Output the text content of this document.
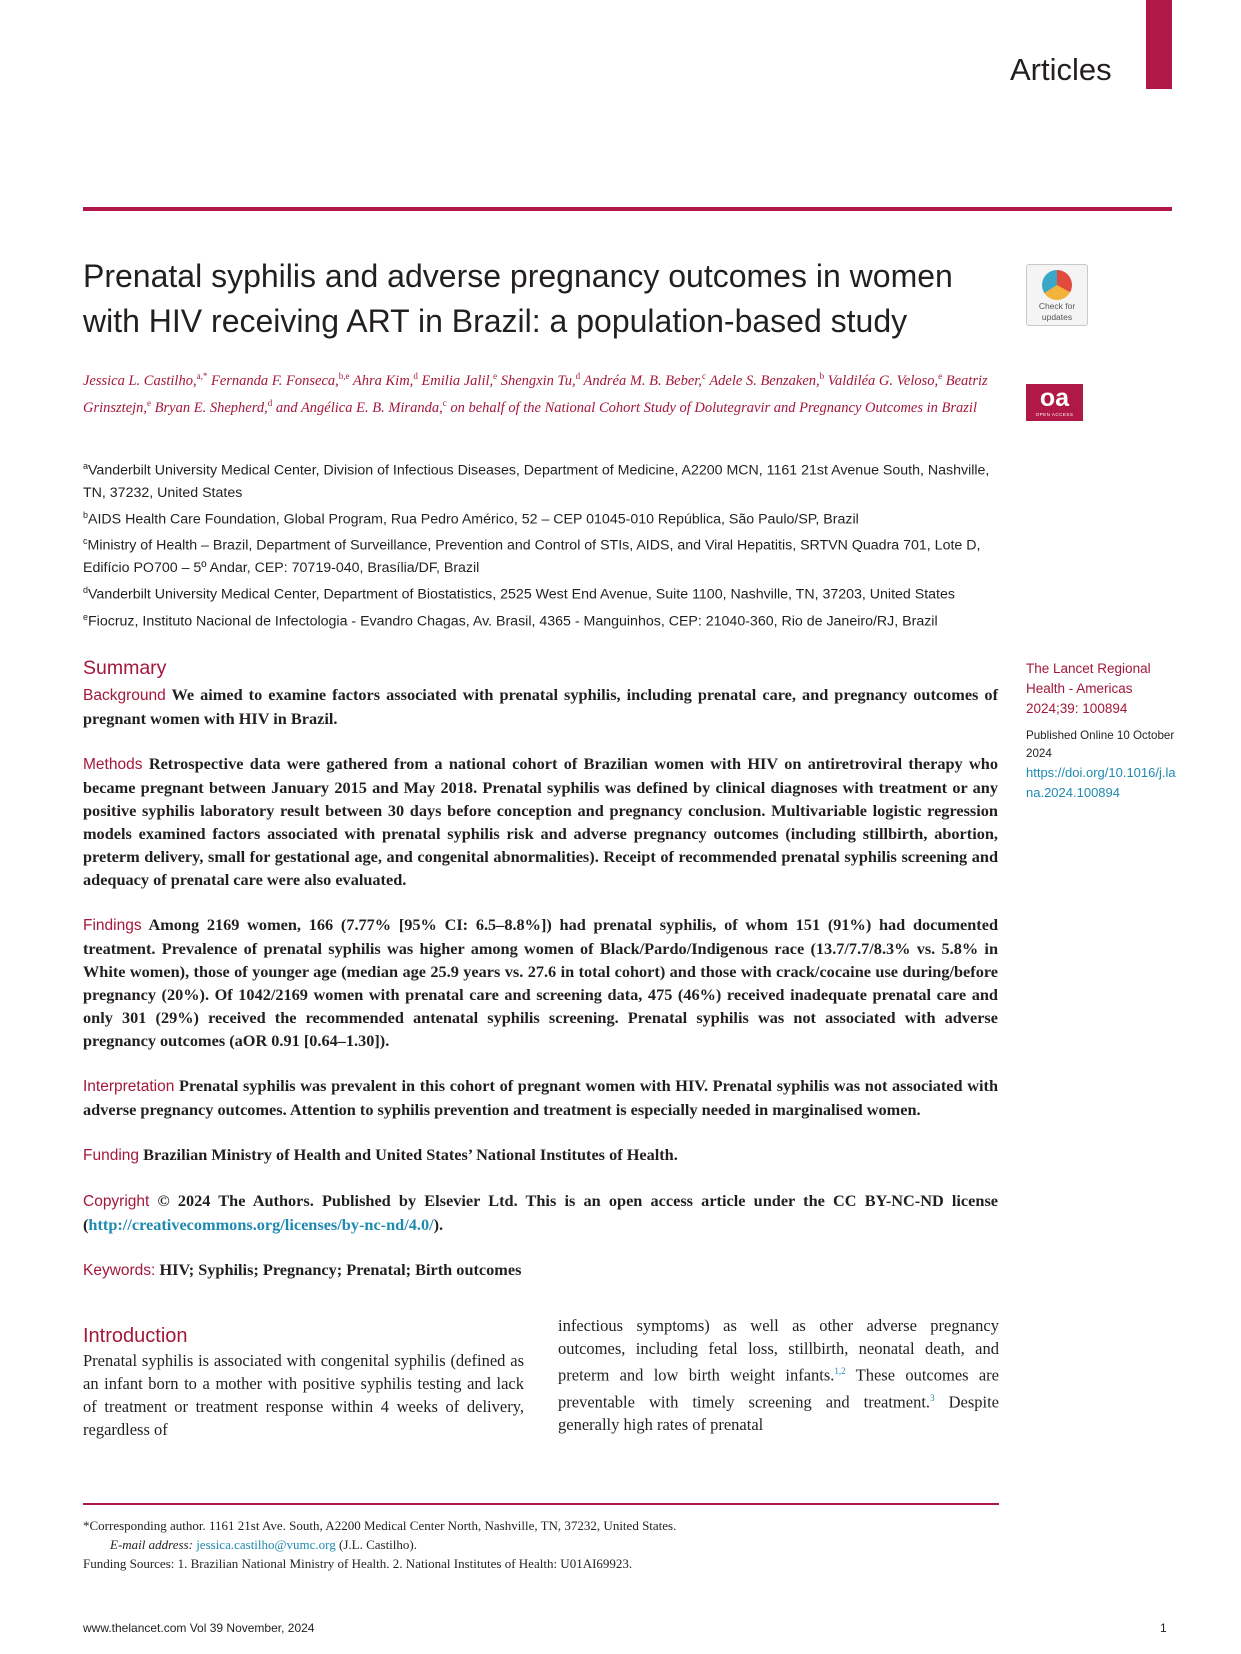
Articles
Prenatal syphilis and adverse pregnancy outcomes in women with HIV receiving ART in Brazil: a population-based study	Check for
updates
oa
OPEN ACCESS
Jessica L. Castilho,$^{a,*}$ Fernanda F. Fonseca,$^{b,e}$ Ahra Kim,$^d$ Emilia Jalil,$^e$ Shengxin Tu,$^d$ Andréa M. B. Beber,$^c$ Adele S. Benzaken,$^b$ Valdiléa G. Veloso,$^e$ Beatriz Grinsztejn,$^e$ Bryan E. Shepherd,$^d$ and Angélica E. B. Miranda,$^c$ on behalf of the National Cohort Study of Dolutegravir and Pregnancy Outcomes in Brazil

$^a$Vanderbilt University Medical Center, Division of Infectious Diseases, Department of Medicine, A2200 MCN, 1161 21st Avenue South, Nashville, TN, 37232, United States

$^b$AIDS Health Care Foundation, Global Program, Rua Pedro Américo, 52 – CEP 01045-010 República, São Paulo/SP, Brazil

$^c$Ministry of Health – Brazil, Department of Surveillance, Prevention and Control of STIs, AIDS, and Viral Hepatitis, SRTVN Quadra 701, Lote D, Edifício PO700 – 5º Andar, CEP: 70719-040, Brasília/DF, Brazil

$^d$Vanderbilt University Medical Center, Department of Biostatistics, 2525 West End Avenue, Suite 1100, Nashville, TN, 37203, United States

$^e$Fiocruz, Instituto Nacional de Infectologia - Evandro Chagas, Av. Brasil, 4365 - Manguinhos, CEP: 21040-360, Rio de Janeiro/RJ, Brazil

The Lancet Regional Health - Americas
2024;39: 100894
Published Online 10 October 2024
https://doi.org/10.1016/j.lana.2024.100894
Summary

Background We aimed to examine factors associated with prenatal syphilis, including prenatal care, and pregnancy outcomes of pregnant women with HIV in Brazil.

Methods Retrospective data were gathered from a national cohort of Brazilian women with HIV on antiretroviral therapy who became pregnant between January 2015 and May 2018. Prenatal syphilis was defined by clinical diagnoses with treatment or any positive syphilis laboratory result between 30 days before conception and pregnancy conclusion. Multivariable logistic regression models examined factors associated with prenatal syphilis risk and adverse pregnancy outcomes (including stillbirth, abortion, preterm delivery, small for gestational age, and congenital abnormalities). Receipt of recommended prenatal syphilis screening and adequacy of prenatal care were also evaluated.

Findings Among 2169 women, 166 (7.77% [95% CI: 6.5–8.8%]) had prenatal syphilis, of whom 151 (91%) had documented treatment. Prevalence of prenatal syphilis was higher among women of Black/Pardo/Indigenous race (13.7/7.7/8.3% vs. 5.8% in White women), those of younger age (median age 25.9 years vs. 27.6 in total cohort) and those with crack/cocaine use during/before pregnancy (20%). Of 1042/2169 women with prenatal care and screening data, 475 (46%) received inadequate prenatal care and only 301 (29%) received the recommended antenatal syphilis screening. Prenatal syphilis was not associated with adverse pregnancy outcomes (aOR 0.91 [0.64–1.30]).

Interpretation Prenatal syphilis was prevalent in this cohort of pregnant women with HIV. Prenatal syphilis was not associated with adverse pregnancy outcomes. Attention to syphilis prevention and treatment is especially needed in marginalised women.

Funding Brazilian Ministry of Health and United States’ National Institutes of Health.

Copyright © 2024 The Authors. Published by Elsevier Ltd. This is an open access article under the CC BY-NC-ND license (http://creativecommons.org/licenses/by-nc-nd/4.0/).

Keywords: HIV; Syphilis; Pregnancy; Prenatal; Birth outcomes

Introduction

Prenatal syphilis is associated with congenital syphilis (defined as an infant born to a mother with positive syphilis testing and lack of treatment or treatment response within 4 weeks of delivery, regardless of

infectious symptoms) as well as other adverse pregnancy outcomes, including fetal loss, stillbirth, neonatal death, and preterm and low birth weight infants.$^{1,2}$ These outcomes are preventable with timely screening and treatment.$^3$ Despite generally high rates of prenatal

*Corresponding author. 1161 21st Ave. South, A2200 Medical Center North, Nashville, TN, 37232, United States.

E-mail address: jessica.castilho@vumc.org (J.L. Castilho).

Funding Sources: 1. Brazilian National Ministry of Health. 2. National Institutes of Health: U01AI69923.

www.thelancet.com Vol 39 November, 2024	1
